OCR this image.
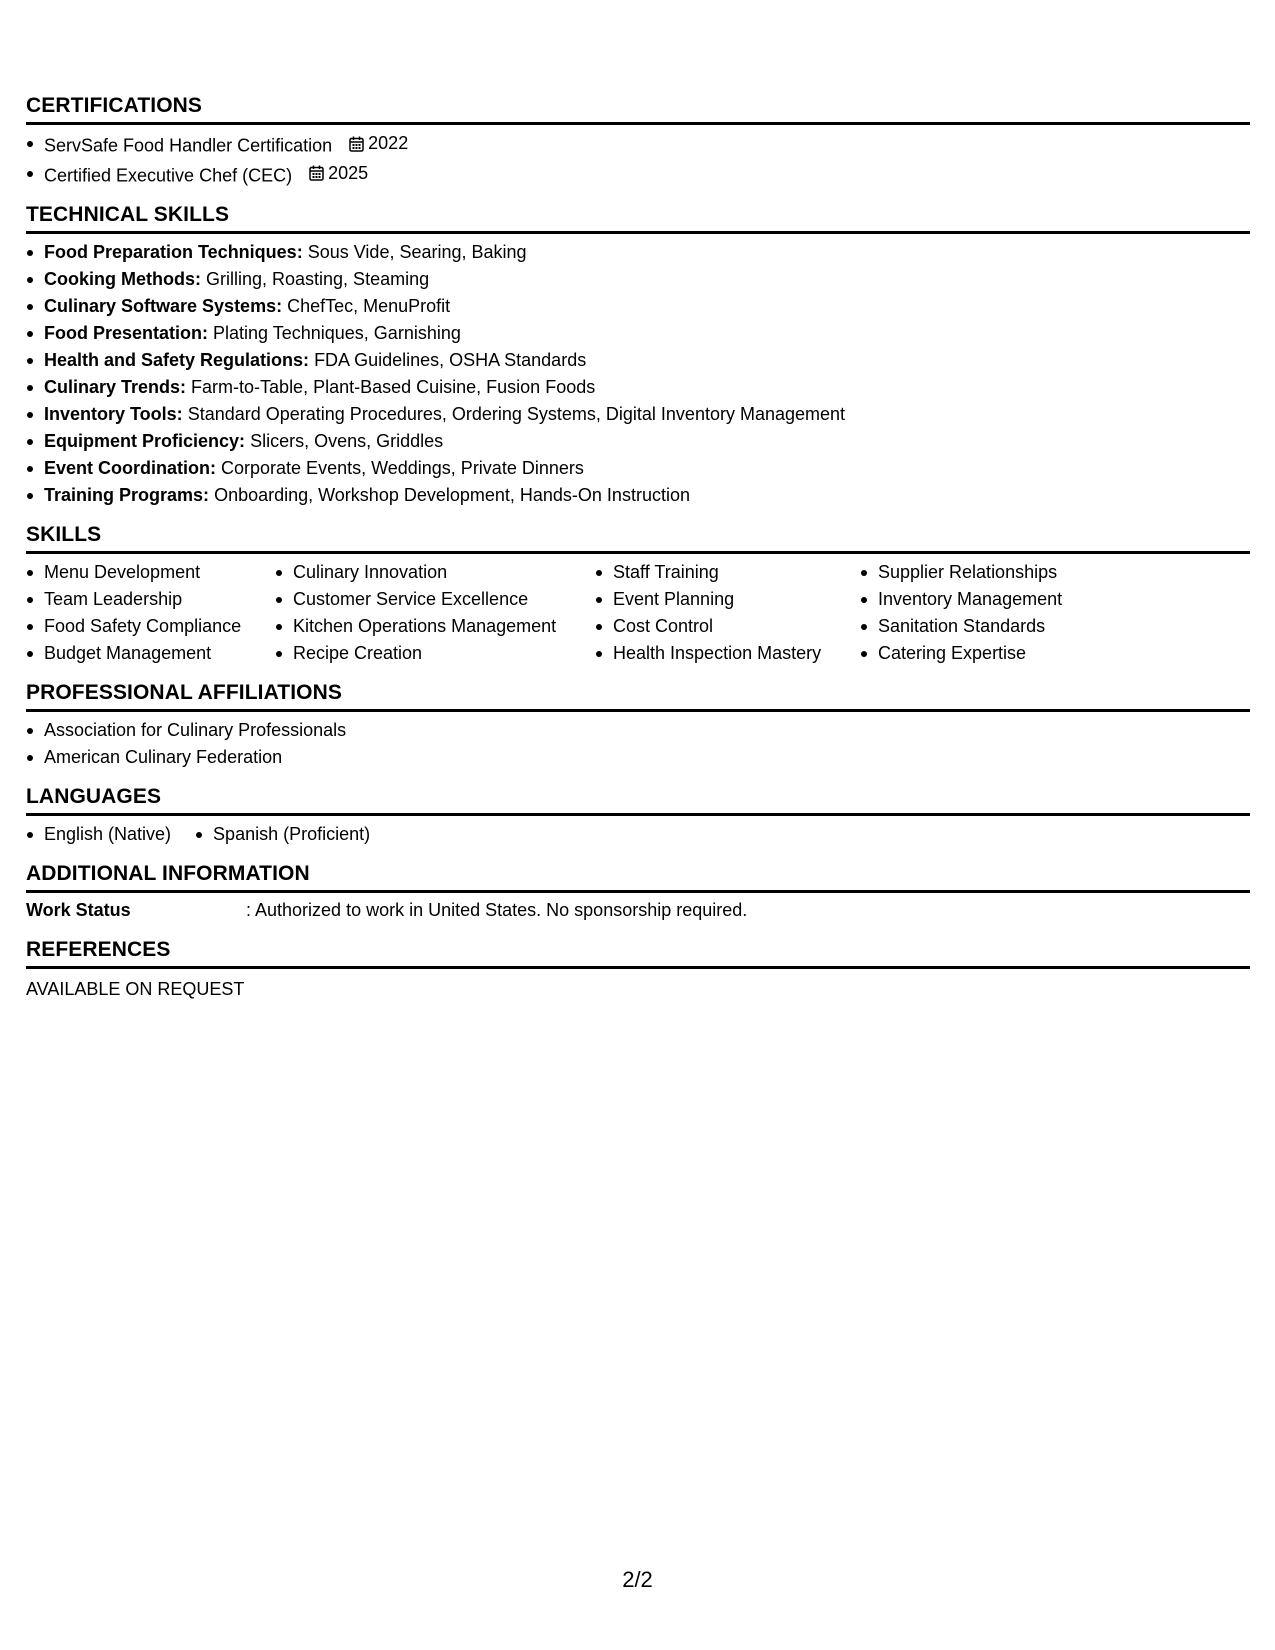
CERTIFICATIONS
ServSafe Food Handler Certification 2022
Certified Executive Chef (CEC) 2025
TECHNICAL SKILLS
Food Preparation Techniques: Sous Vide, Searing, Baking
Cooking Methods: Grilling, Roasting, Steaming
Culinary Software Systems: ChefTec, MenuProfit
Food Presentation: Plating Techniques, Garnishing
Health and Safety Regulations: FDA Guidelines, OSHA Standards
Culinary Trends: Farm-to-Table, Plant-Based Cuisine, Fusion Foods
Inventory Tools: Standard Operating Procedures, Ordering Systems, Digital Inventory Management
Equipment Proficiency: Slicers, Ovens, Griddles
Event Coordination: Corporate Events, Weddings, Private Dinners
Training Programs: Onboarding, Workshop Development, Hands-On Instruction
SKILLS
Menu Development
Team Leadership
Food Safety Compliance
Budget Management
Culinary Innovation
Customer Service Excellence
Kitchen Operations Management
Recipe Creation
Staff Training
Event Planning
Cost Control
Health Inspection Mastery
Supplier Relationships
Inventory Management
Sanitation Standards
Catering Expertise
PROFESSIONAL AFFILIATIONS
Association for Culinary Professionals
American Culinary Federation
LANGUAGES
English (Native)	Spanish (Proficient)
ADDITIONAL INFORMATION
Work Status	: Authorized to work in United States. No sponsorship required.
REFERENCES
AVAILABLE ON REQUEST
2/2
